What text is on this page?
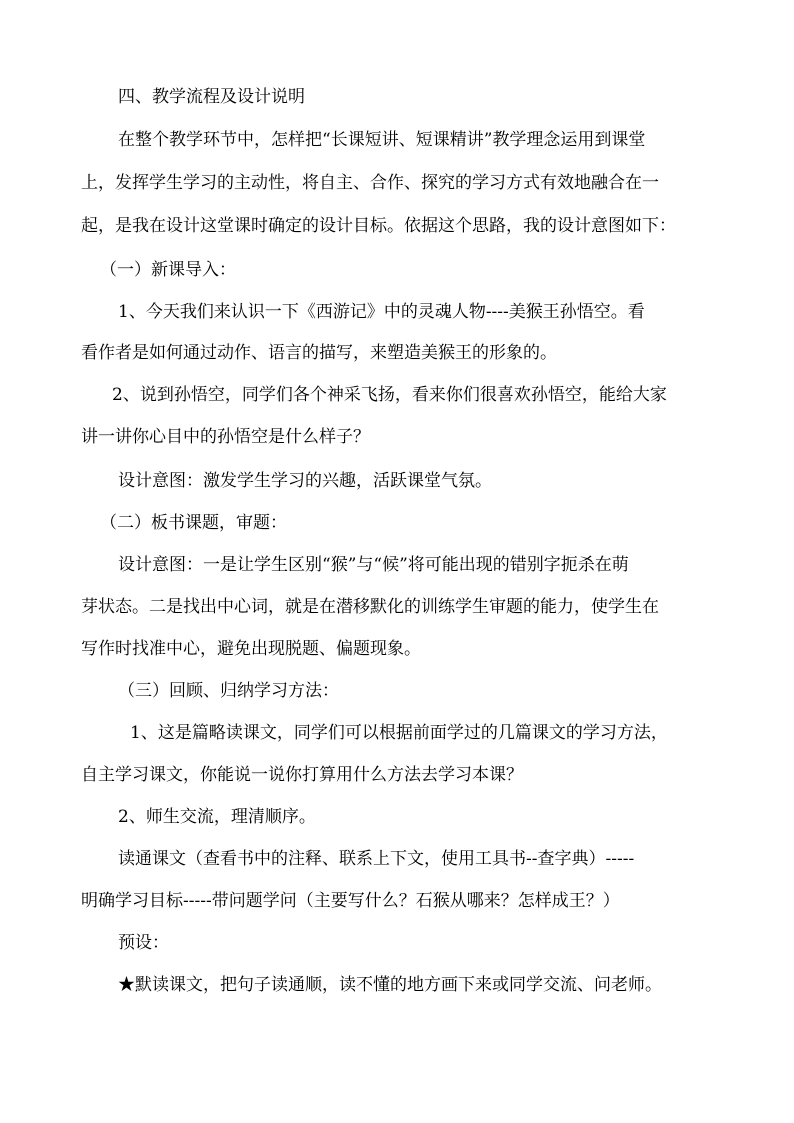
四、教学流程及设计说明
在整个教学环节中，怎样把“长课短讲、短课精讲”教学理念运用到课堂
上，发挥学生学习的主动性，将自主、合作、探究的学习方式有效地融合在一
起，是我在设计这堂课时确定的设计目标。依据这个思路，我的设计意图如下：
（一）新课导入：
1、今天我们来认识一下《西游记》中的灵魂人物----美猴王孙悟空。看
看作者是如何通过动作、语言的描写，来塑造美猴王的形象的。
2、说到孙悟空，同学们各个神采飞扬，看来你们很喜欢孙悟空，能给大家
讲一讲你心目中的孙悟空是什么样子？
设计意图：激发学生学习的兴趣，活跃课堂气氛。
（二）板书课题，审题：
设计意图：一是让学生区别“猴”与“候”将可能出现的错别字扼杀在萌
芽状态。二是找出中心词，就是在潜移默化的训练学生审题的能力，使学生在
写作时找准中心，避免出现脱题、偏题现象。
（三）回顾、归纳学习方法：
1、这是篇略读课文，同学们可以根据前面学过的几篇课文的学习方法，
自主学习课文，你能说一说你打算用什么方法去学习本课？
2、师生交流，理清顺序。
读通课文（查看书中的注释、联系上下文，使用工具书--查字典）-----
明确学习目标-----带问题学问（主要写什么？石猴从哪来？怎样成王？）
预设：
★默读课文，把句子读通顺，读不懂的地方画下来或同学交流、问老师。
